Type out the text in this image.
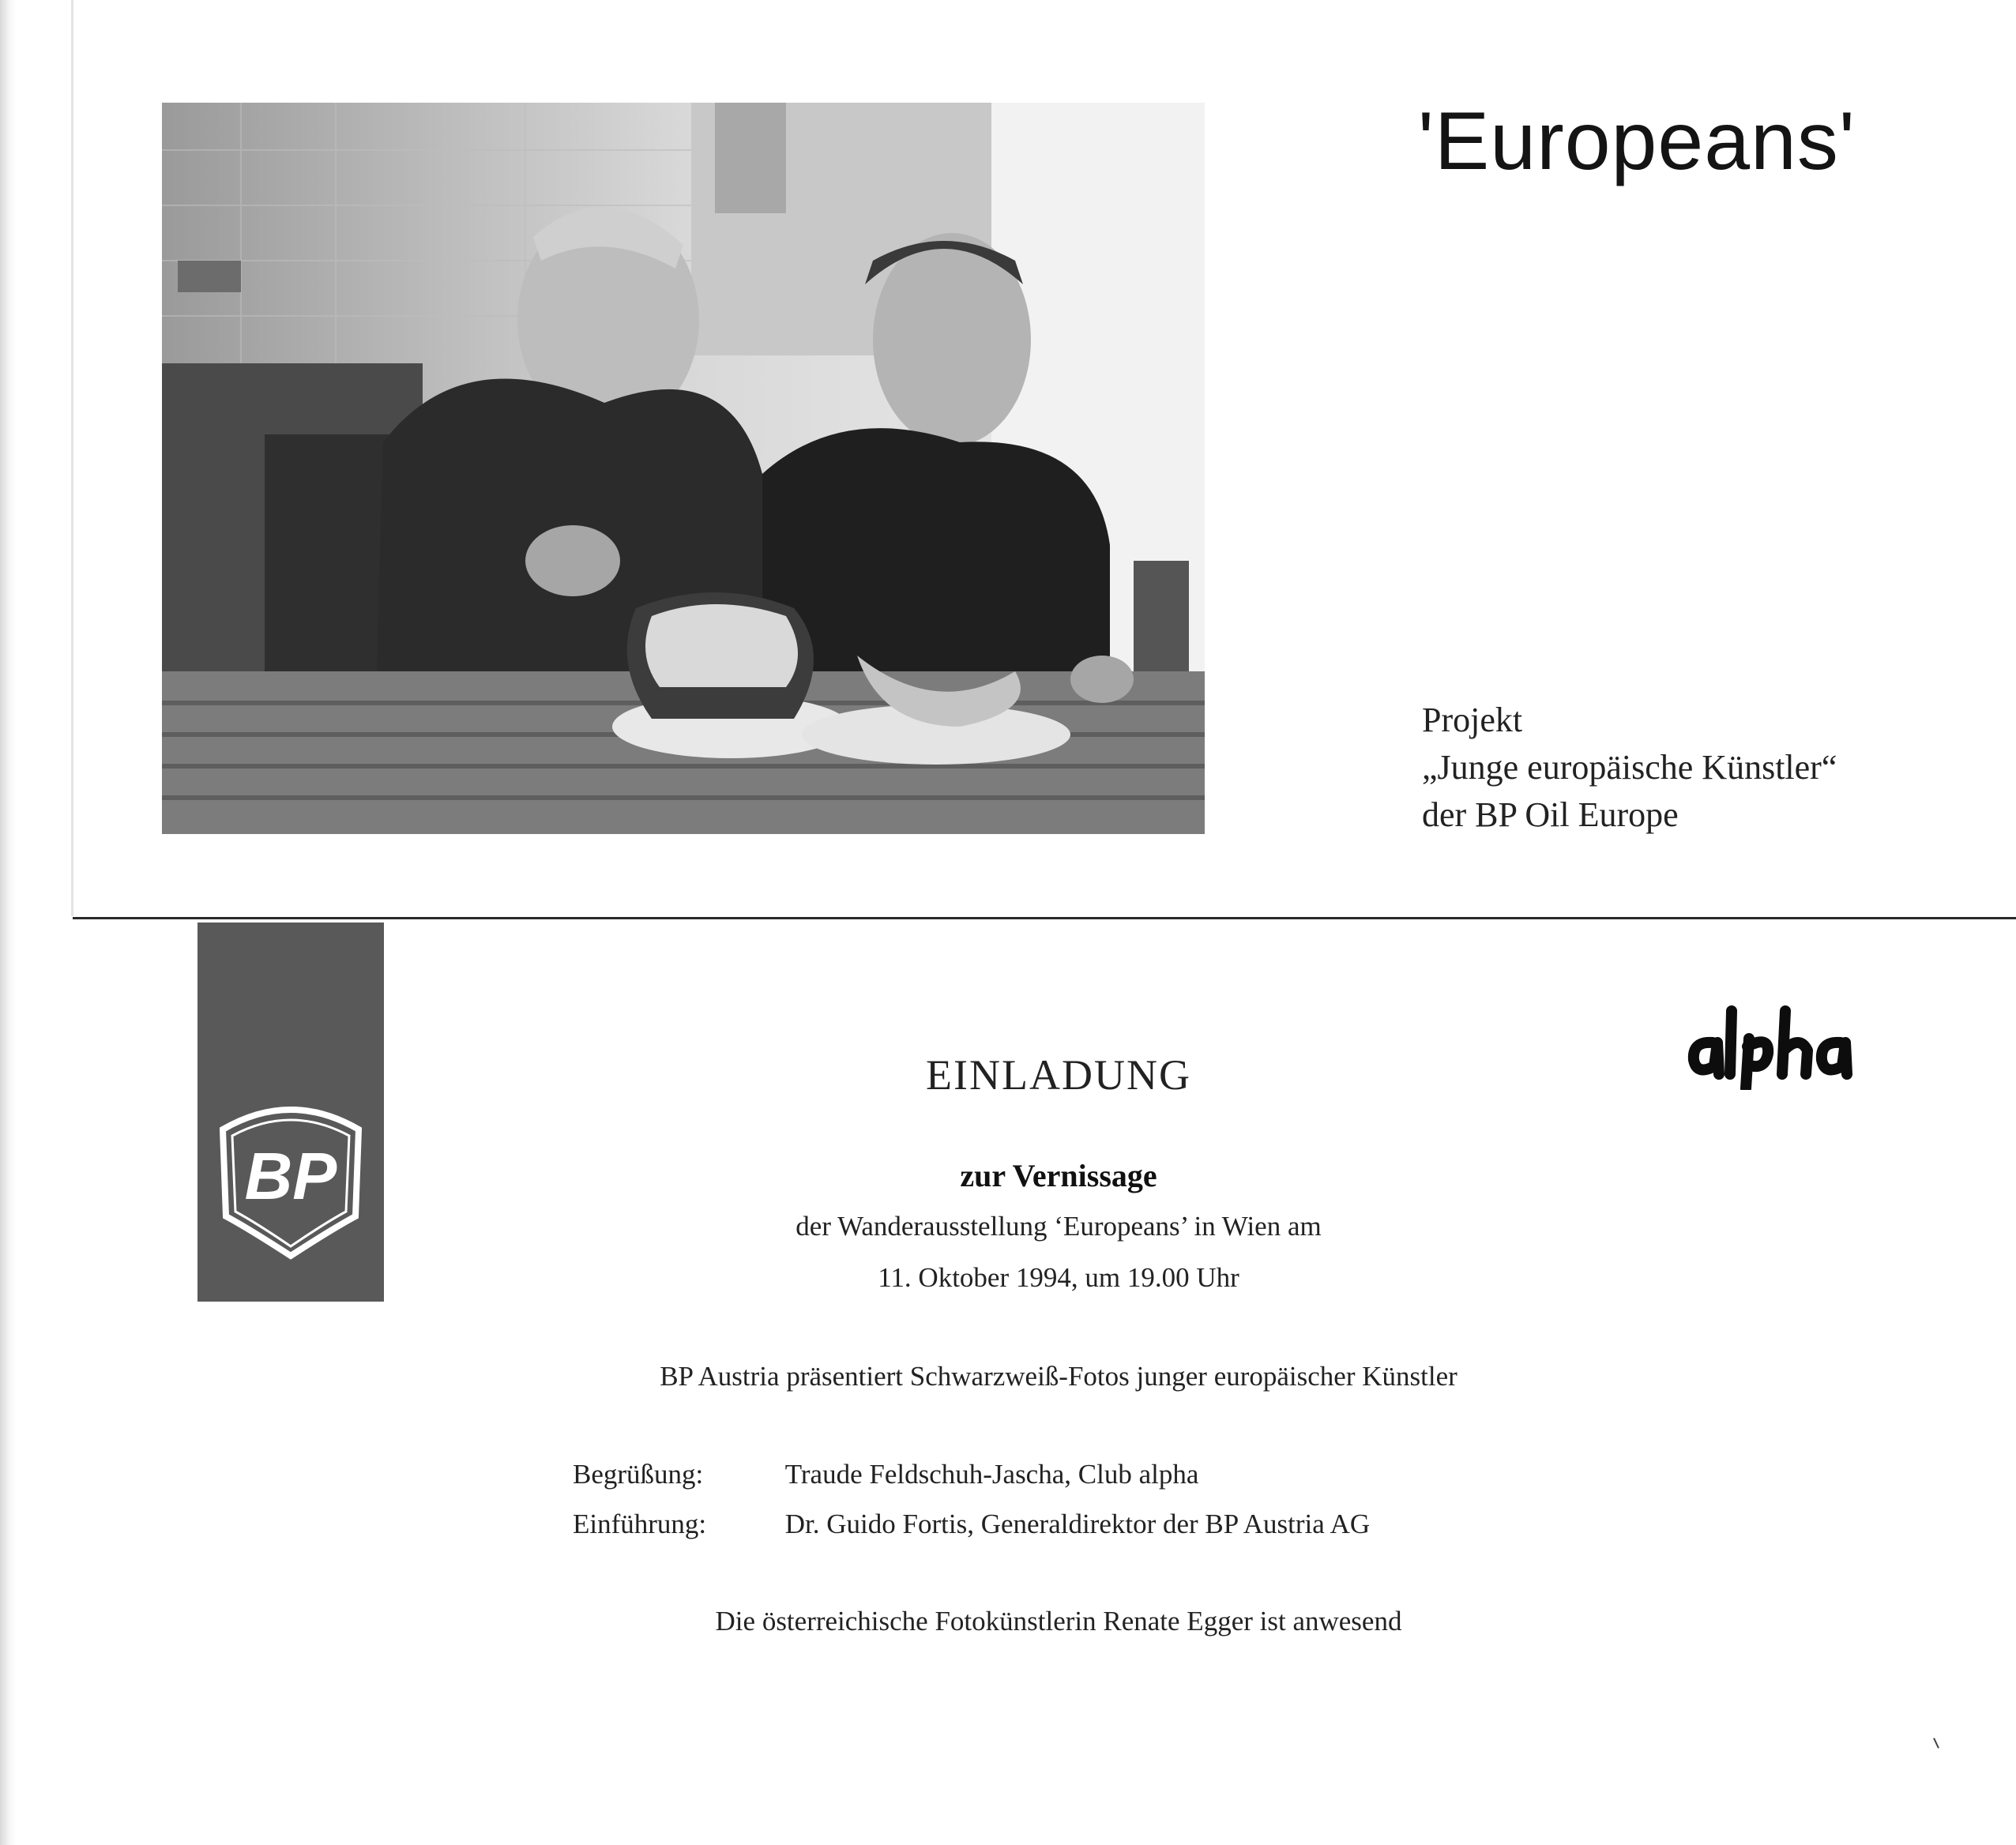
'Europeans'
Projekt
„Junge europäische Künstler“
der BP Oil Europe
BP
EINLADUNG
zur Vernissage
der Wanderausstellung ‘Europeans’ in Wien am
11. Oktober 1994, um 19.00 Uhr
BP Austria präsentiert Schwarzweiß-Fotos junger europäischer Künstler
Begrüßung:	Traude Feldschuh-Jascha, Club alpha
Einführung:	Dr. Guido Fortis, Generaldirektor der BP Austria AG
Die österreichische Fotokünstlerin Renate Egger ist anwesend
